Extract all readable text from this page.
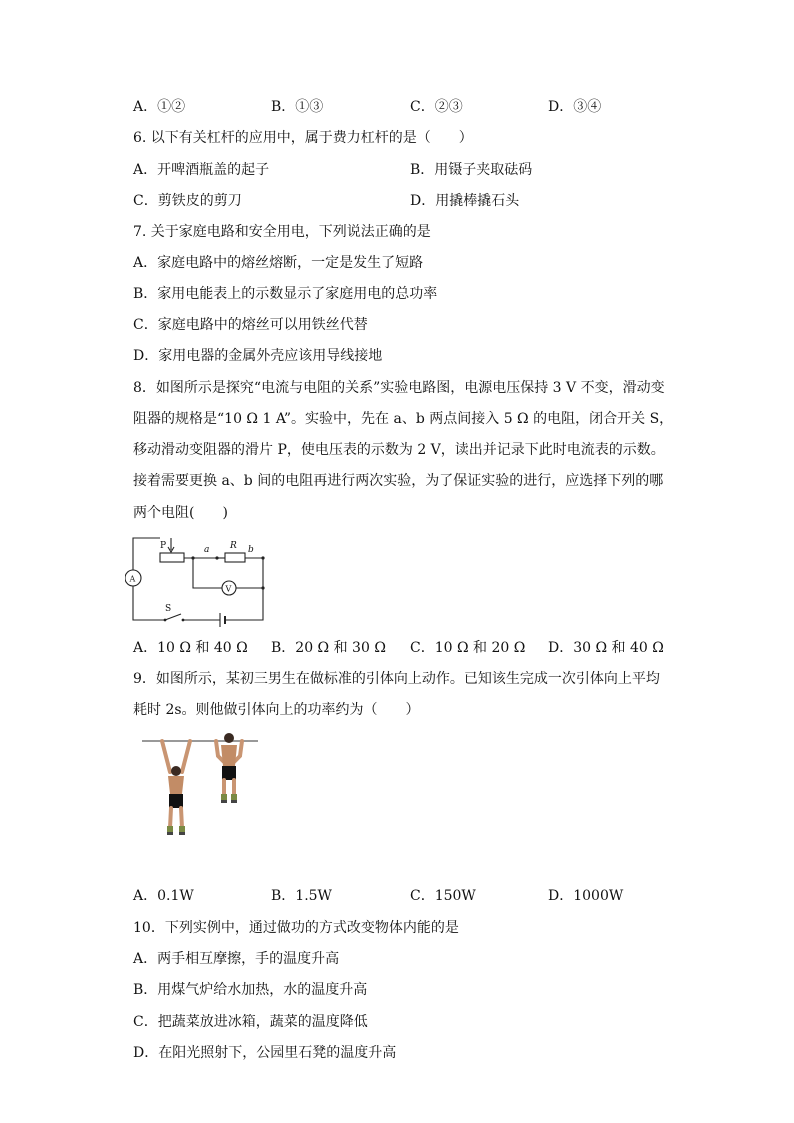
A．①②	B．①③	C．②③	D．③④
6. 以下有关杠杆的应用中，属于费力杠杆的是（　　）
A．开啤酒瓶盖的起子	B．用镊子夹取砝码
C．剪铁皮的剪刀	D．用撬棒撬石头
7. 关于家庭电路和安全用电，下列说法正确的是
A．家庭电路中的熔丝熔断，一定是发生了短路
B．家用电能表上的示数显示了家庭用电的总功率
C．家庭电路中的熔丝可以用铁丝代替
D．家用电器的金属外壳应该用导线接地
8．如图所示是探究“电流与电阻的关系”实验电路图，电源电压保持 3 V 不变，滑动变
阻器的规格是“10 Ω 1 A”。实验中，先在 a、b 两点间接入 5 Ω 的电阻，闭合开关 S，
移动滑动变阻器的滑片 P，使电压表的示数为 2 V，读出并记录下此时电流表的示数。
接着需要更换 a、b 间的电阻再进行两次实验，为了保证实验的进行，应选择下列的哪
两个电阻(　　)
P	a R b
A
V
S
A．10 Ω 和 40 Ω B．20 Ω 和 30 Ω C．10 Ω 和 20 Ω D．30 Ω 和 40 Ω
9．如图所示，某初三男生在做标准的引体向上动作。已知该生完成一次引体向上平均
耗时 2s。则他做引体向上的功率约为（　　）
A．0.1W	B．1.5W	C．150W	D．1000W
10．下列实例中，通过做功的方式改变物体内能的是
A．两手相互摩擦，手的温度升高
B．用煤气炉给水加热，水的温度升高
C．把蔬菜放进冰箱，蔬菜的温度降低
D．在阳光照射下，公园里石凳的温度升高
